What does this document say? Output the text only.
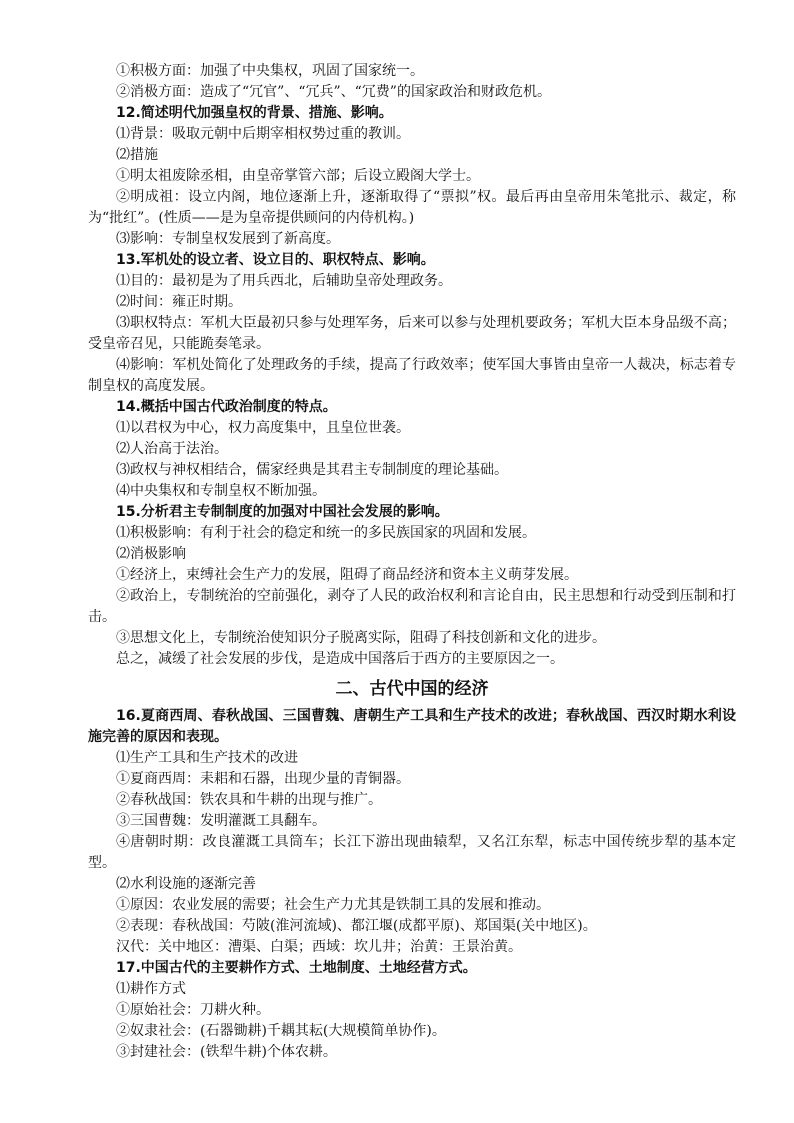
①积极方面：加强了中央集权，巩固了国家统一。
②消极方面：造成了“冗官”、“冗兵”、“冗费”的国家政治和财政危机。
12.简述明代加强皇权的背景、措施、影响。
⑴背景：吸取元朝中后期宰相权势过重的教训。
⑵措施
①明太祖废除丞相，由皇帝掌管六部；后设立殿阁大学士。
②明成祖：设立内阁，地位逐渐上升，逐渐取得了“票拟”权。最后再由皇帝用朱笔批示、裁定，称为“批红”。(性质——是为皇帝提供顾问的内侍机构。)
⑶影响：专制皇权发展到了新高度。
13.军机处的设立者、设立目的、职权特点、影响。
⑴目的：最初是为了用兵西北，后辅助皇帝处理政务。
⑵时间：雍正时期。
⑶职权特点：军机大臣最初只参与处理军务，后来可以参与处理机要政务；军机大臣本身品级不高；受皇帝召见，只能跪奏笔录。
⑷影响：军机处简化了处理政务的手续，提高了行政效率；使军国大事皆由皇帝一人裁决，标志着专制皇权的高度发展。
14.概括中国古代政治制度的特点。
⑴以君权为中心，权力高度集中，且皇位世袭。
⑵人治高于法治。
⑶政权与神权相结合，儒家经典是其君主专制制度的理论基础。
⑷中央集权和专制皇权不断加强。
15.分析君主专制制度的加强对中国社会发展的影响。
⑴积极影响：有利于社会的稳定和统一的多民族国家的巩固和发展。
⑵消极影响
①经济上，束缚社会生产力的发展，阻碍了商品经济和资本主义萌芽发展。
②政治上，专制统治的空前强化，剥夺了人民的政治权利和言论自由，民主思想和行动受到压制和打击。
③思想文化上，专制统治使知识分子脱离实际，阻碍了科技创新和文化的进步。
总之，减缓了社会发展的步伐，是造成中国落后于西方的主要原因之一。
二、古代中国的经济
16.夏商西周、春秋战国、三国曹魏、唐朝生产工具和生产技术的改进；春秋战国、西汉时期水利设施完善的原因和表现。
⑴生产工具和生产技术的改进
①夏商西周：耒耜和石器，出现少量的青铜器。
②春秋战国：铁农具和牛耕的出现与推广。
③三国曹魏：发明灌溉工具翻车。
④唐朝时期：改良灌溉工具筒车；长江下游出现曲辕犁，又名江东犁，标志中国传统步犁的基本定型。
⑵水利设施的逐渐完善
①原因：农业发展的需要；社会生产力尤其是铁制工具的发展和推动。
②表现：春秋战国：芍陂(淮河流域)、都江堰(成都平原)、郑国渠(关中地区)。
汉代：关中地区：漕渠、白渠；西域：坎儿井；治黄：王景治黄。
17.中国古代的主要耕作方式、土地制度、土地经营方式。
⑴耕作方式
①原始社会：刀耕火种。
②奴隶社会：(石器锄耕)千耦其耘(大规模简单协作)。
③封建社会：(铁犁牛耕)个体农耕。
